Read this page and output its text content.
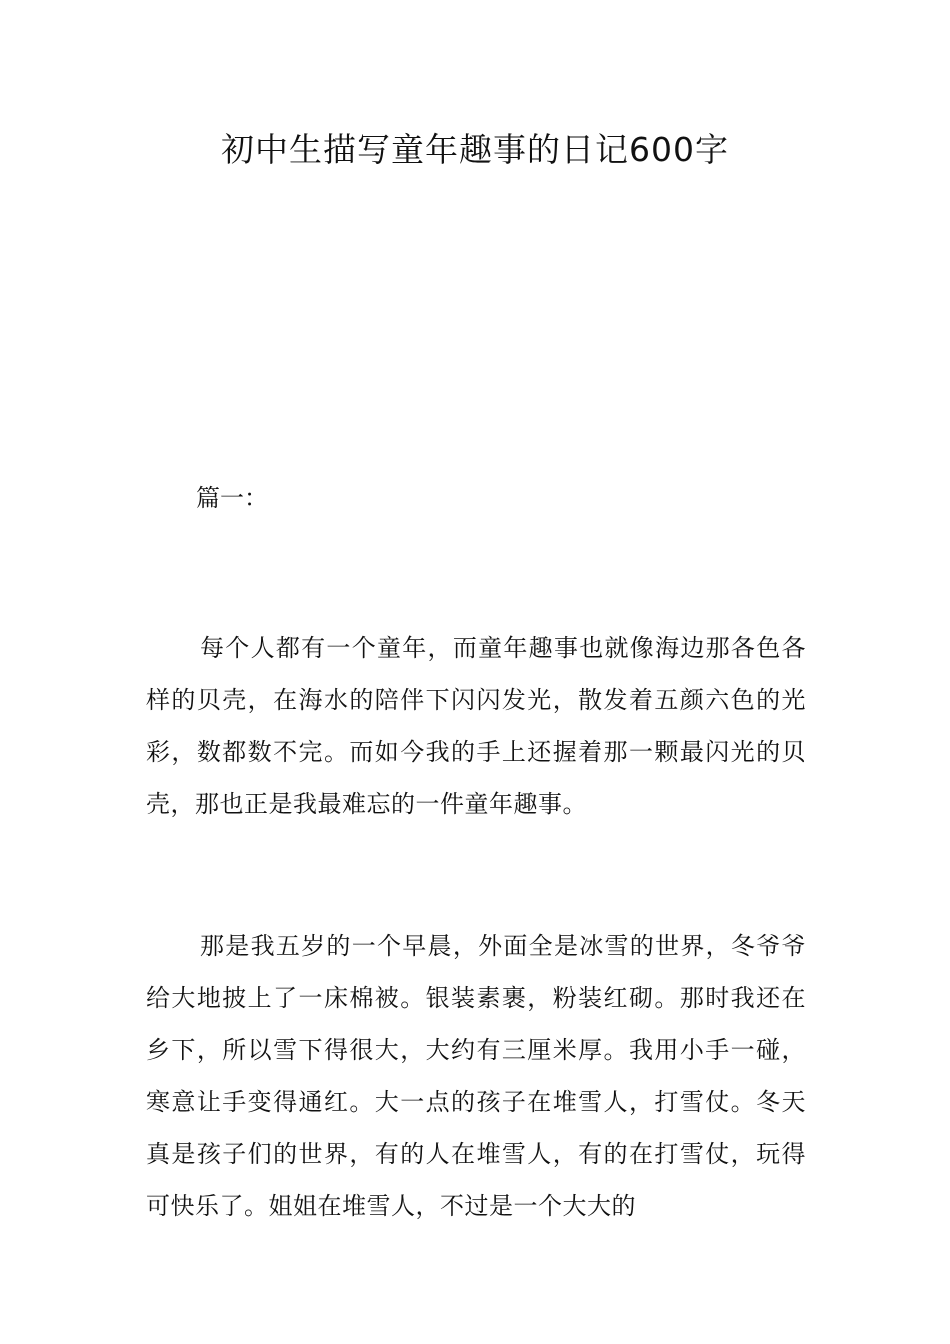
初中生描写童年趣事的日记600字

篇一：

每个人都有一个童年，而童年趣事也就像海边那各色各样的贝壳，在海水的陪伴下闪闪发光，散发着五颜六色的光彩，数都数不完。而如今我的手上还握着那一颗最闪光的贝壳，那也正是我最难忘的一件童年趣事。

那是我五岁的一个早晨，外面全是冰雪的世界，冬爷爷给大地披上了一床棉被。银装素裹，粉装红砌。那时我还在乡下，所以雪下得很大，大约有三厘米厚。我用小手一碰，寒意让手变得通红。大一点的孩子在堆雪人，打雪仗。冬天真是孩子们的世界，有的人在堆雪人，有的在打雪仗，玩得可快乐了。姐姐在堆雪人，不过是一个大大的
